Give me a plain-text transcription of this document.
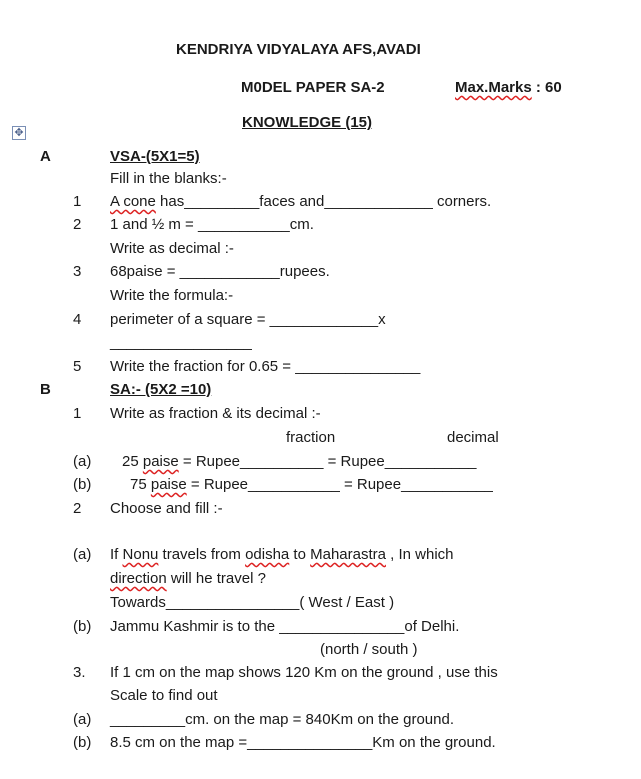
✥
KENDRIYA VIDYALAYA AFS,AVADI
M0DEL PAPER SA-2	Max.Marks : 60
KNOWLEDGE (15)
A	VSA-(5X1=5)
Fill in the blanks:-
1 A cone has_________faces and_____________ corners.
2 1 and ½ m = ___________cm.
Write as decimal :-
3 68paise = ____________rupees.
Write the formula:-
4 perimeter of a square = _____________x
_________________
5 Write the fraction for 0.65 = _______________
B	SA:- (5X2 =10)
1 Write as fraction & its decimal :-
fraction	decimal
(a) 25 paise = Rupee__________ = Rupee___________
(b)	75 paise = Rupee___________ = Rupee___________
2 Choose and fill :-
(a) If Nonu travels from odisha to Maharastra , In which
direction will he travel ?
Towards________________( West / East )
(b) Jammu Kashmir is to the _______________of Delhi.
(north / south )
3. If 1 cm on the map shows 120 Km on the ground , use this
Scale to find out
(a) _________cm. on the map = 840Km on the ground.
(b) 8.5 cm on the map =_______________Km on the ground.
